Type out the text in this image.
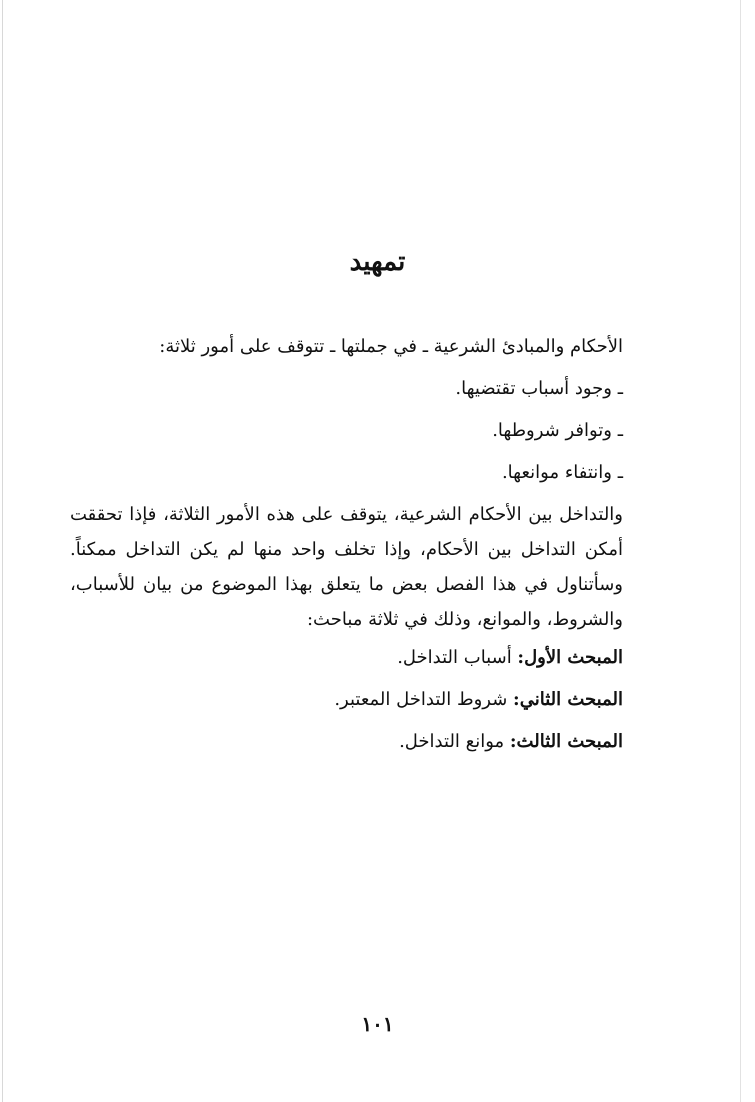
تمهيد

الأحكام والمبادئ الشرعية ـ في جملتها ـ تتوقف على أمور ثلاثة:

ـ وجود أسباب تقتضيها.

ـ وتوافر شروطها.

ـ وانتفاء موانعها.

والتداخل بين الأحكام الشرعية، يتوقف على هذه الأمور الثلاثة، فإذا تحققت أمكن التداخل بين الأحكام، وإذا تخلف واحد منها لم يكن التداخل ممكناً. وسأتناول في هذا الفصل بعض ما يتعلق بهذا الموضوع من بيان للأسباب، والشروط، والموانع، وذلك في ثلاثة مباحث:

المبحث الأول: أسباب التداخل.

المبحث الثاني: شروط التداخل المعتبر.

المبحث الثالث: موانع التداخل.

١٠١
